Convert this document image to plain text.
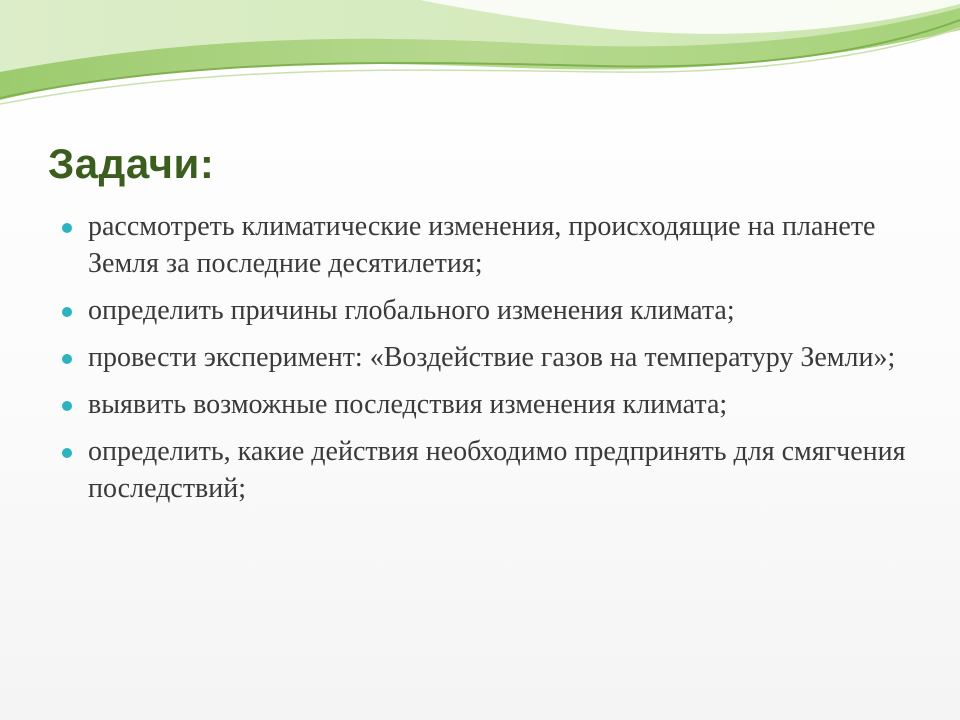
Задачи:
рассмотреть климатические изменения, происходящие на планете Земля за последние десятилетия;
определить причины глобального изменения климата;
провести эксперимент: «Воздействие газов на температуру Земли»;
выявить возможные последствия изменения климата;
определить, какие действия необходимо предпринять для смягчения последствий;
